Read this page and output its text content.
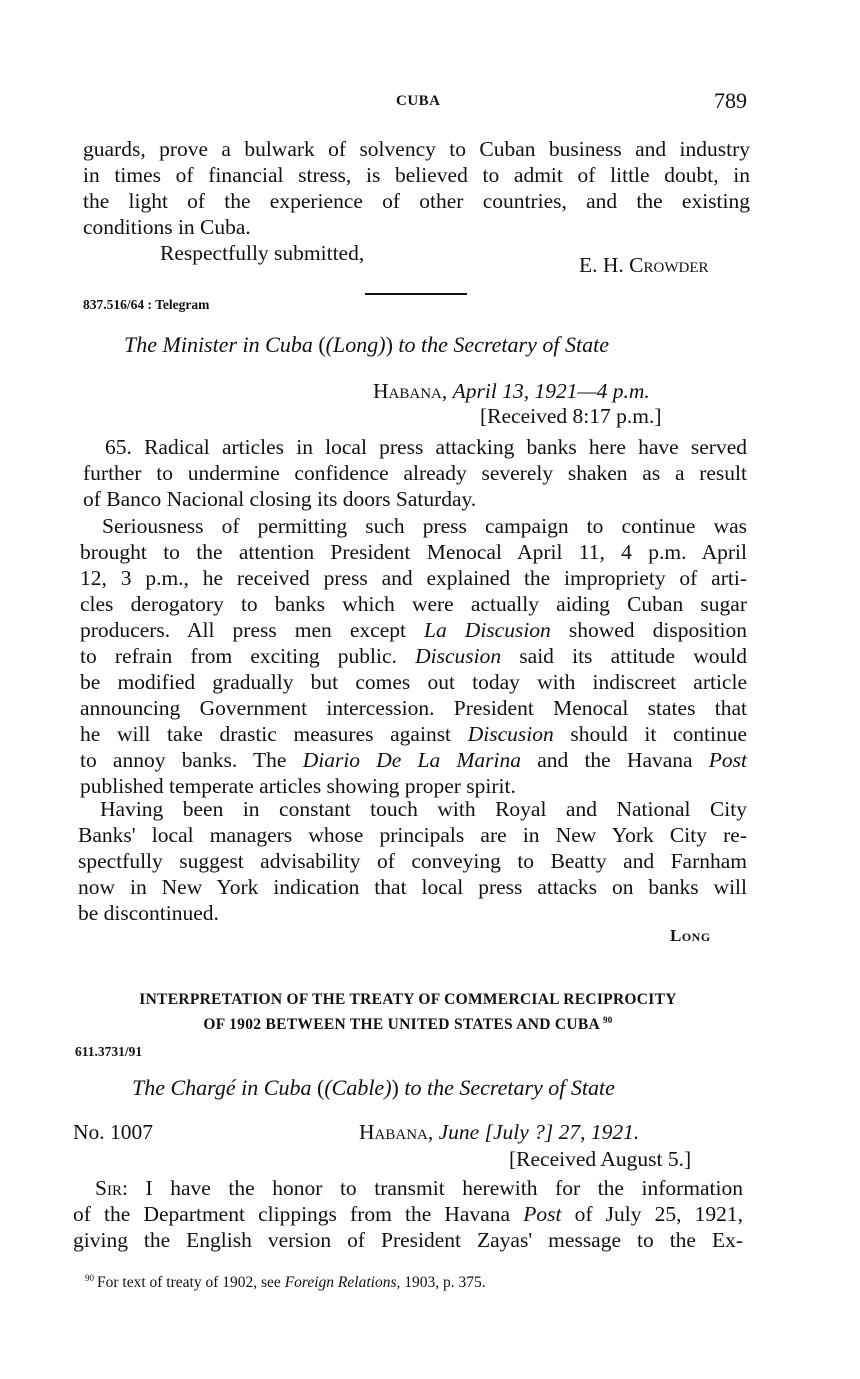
CUBA	789
guards, prove a bulwark of solvency to Cuban business and industry
in times of financial stress, is believed to admit of little doubt, in
the light of the experience of other countries, and the existing
conditions in Cuba.
Respectfully submitted,	E. H. Crowder
837.516/64 : Telegram
The Minister in Cuba ((Long)) to the Secretary of State
Habana, April 13, 1921—4 p.m.
[Received 8:17 p.m.]
65. Radical articles in local press attacking banks here have served
further to undermine confidence already severely shaken as a result
of Banco Nacional closing its doors Saturday.
Seriousness of permitting such press campaign to continue was
brought to the attention President Menocal April 11, 4 p.m. April
12, 3 p.m., he received press and explained the impropriety of arti-
cles derogatory to banks which were actually aiding Cuban sugar
producers. All press men except La Discusion showed disposition
to refrain from exciting public. Discusion said its attitude would
be modified gradually but comes out today with indiscreet article
announcing Government intercession. President Menocal states that
he will take drastic measures against Discusion should it continue
to annoy banks. The Diario De La Marina and the Havana Post
published temperate articles showing proper spirit.
Having been in constant touch with Royal and National City
Banks' local managers whose principals are in New York City re-
spectfully suggest advisability of conveying to Beatty and Farnham
now in New York indication that local press attacks on banks will
be discontinued.
Long
INTERPRETATION OF THE TREATY OF COMMERCIAL RECIPROCITY
OF 1902 BETWEEN THE UNITED STATES AND CUBA $^{90}$
611.3731/91
The Chargé in Cuba ((Cable)) to the Secretary of State
No. 1007	Habana, June [July ?] 27, 1921.
[Received August 5.]
Sir: I have the honor to transmit herewith for the information
of the Department clippings from the Havana Post of July 25, 1921,
giving the English version of President Zayas' message to the Ex-
$^{90}$ For text of treaty of 1902, see Foreign Relations, 1903, p. 375.
